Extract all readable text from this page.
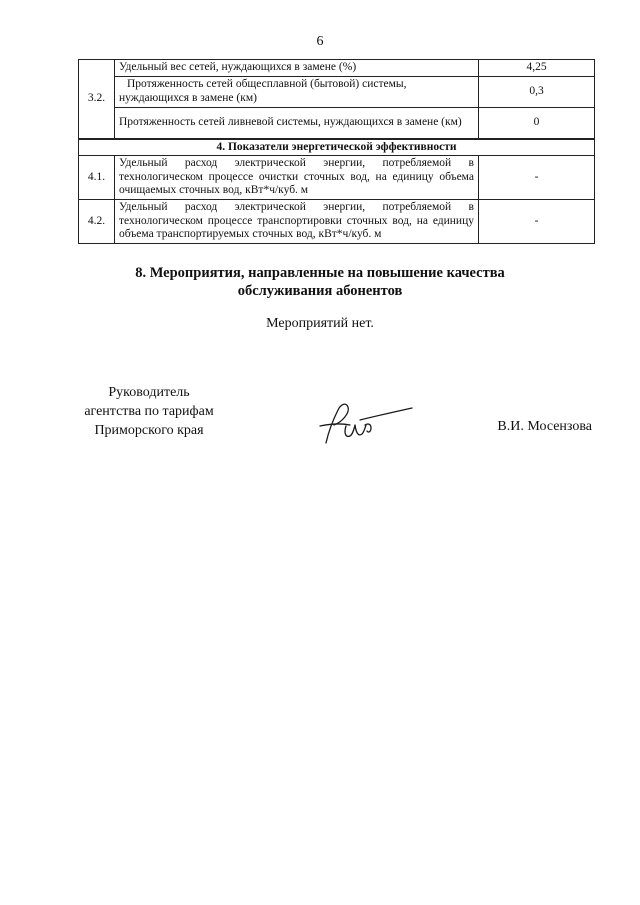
6
3.2.	Удельный вес сетей, нуждающихся в замене (%)	4,25
	Протяженность сетей общесплавной (бытовой) системы, нуждающихся в замене (км)	0,3
	Протяженность сетей ливневой системы, нуждающихся в замене (км)	0
4. Показатели энергетической эффективности		
4.1.	Удельный расход электрической энергии, потребляемой в технологическом процессе очистки сточных вод, на единицу объема очищаемых сточных вод, кВт*ч/куб. м	-
4.2.	Удельный расход электрической энергии, потребляемой в технологическом процессе транспортировки сточных вод, на единицу объема транспортируемых сточных вод, кВт*ч/куб. м	-
8. Мероприятия, направленные на повышение качества
обслуживания абонентов
Мероприятий нет.
Руководитель
агентства по тарифам
Приморского края	В.И. Мосензова
